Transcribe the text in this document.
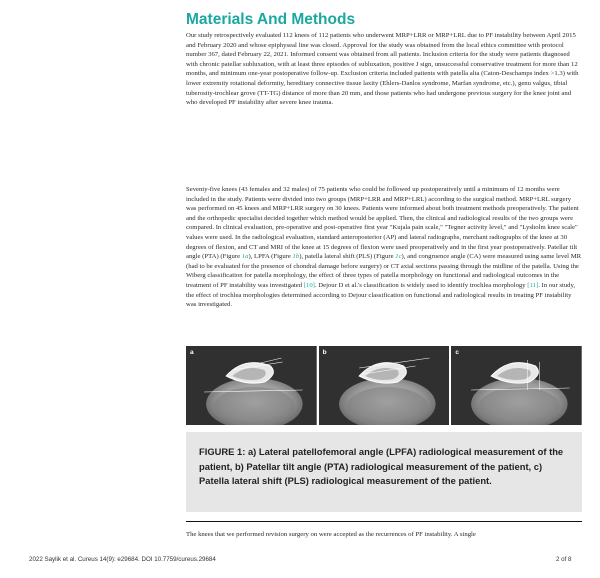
Materials And Methods

Our study retrospectively evaluated 112 knees of 112 patients who underwent MRP+LRR or MRP+LRL due to PF instability between April 2015 and February 2020 and whose epiphyseal line was closed. Approval for the study was obtained from the local ethics committee with protocol number 367, dated February 22, 2021. Informed consent was obtained from all patients. Inclusion criteria for the study were patients diagnosed with chronic patellar subluxation, with at least three episodes of subluxation, positive J sign, unsuccessful conservative treatment for more than 12 months, and minimum one-year postoperative follow-up. Exclusion criteria included patients with patella alta (Caton-Deschamps index >1.3) with lower extremity rotational deformity, hereditary connective tissue laxity (Ehlers-Danlos syndrome, Marfan syndrome, etc.), genu valgus, tibial tuberosity-trochlear grove (TT-TG) distance of more than 20 mm, and those patients who had undergone previous surgery for the knee joint and who developed PF instability after severe knee trauma.

Seventy-five knees (43 females and 32 males) of 75 patients who could be followed up postoperatively until a minimum of 12 months were included in the study. Patients were divided into two groups (MRP+LRR and MRP+LRL) according to the surgical method. MRP+LRL surgery was performed on 45 knees and MRP+LRR surgery on 30 knees. Patients were informed about both treatment methods preoperatively. The patient and the orthopedic specialist decided together which method would be applied. Then, the clinical and radiological results of the two groups were compared. In clinical evaluation, pre-operative and post-operative first year "Kujala pain scale," "Tegner activity level," and "Lysholm knee scale" values were used. In the radiological evaluation, standard anteroposterior (AP) and lateral radiographs, merchant radiographs of the knee at 30 degrees of flexion, and CT and MRI of the knee at 15 degrees of flexion were used preoperatively and in the first year postoperatively. Patellar tilt angle (PTA) (Figure 1a), LPFA (Figure 1b), patella lateral shift (PLS) (Figure 1c), and congruence angle (CA) were measured using same level MR (had to be evaluated for the presence of chondral damage before surgery) or CT axial sections passing through the midline of the patella. Using the Wiberg classification for patella morphology, the effect of three types of patella morphology on functional and radiological outcomes in the treatment of PF instability was investigated [10]. Dejour D et al.'s classification is widely used to identify trochlea morphology [11]. In our study, the effect of trochlea morphologies determined according to Dejour classification on functional and radiological results in treating PF instability was investigated.

a	b	c

FIGURE 1: a) Lateral patellofemoral angle (LPFA) radiological measurement of the patient, b) Patellar tilt angle (PTA) radiological measurement of the patient, c) Patella lateral shift (PLS) radiological measurement of the patient.

The knees that we performed revision surgery on were accepted as the recurrences of PF instability. A single

2022 Saylik et al. Cureus 14(9): e29684. DOI 10.7759/cureus.29684	2 of 8
